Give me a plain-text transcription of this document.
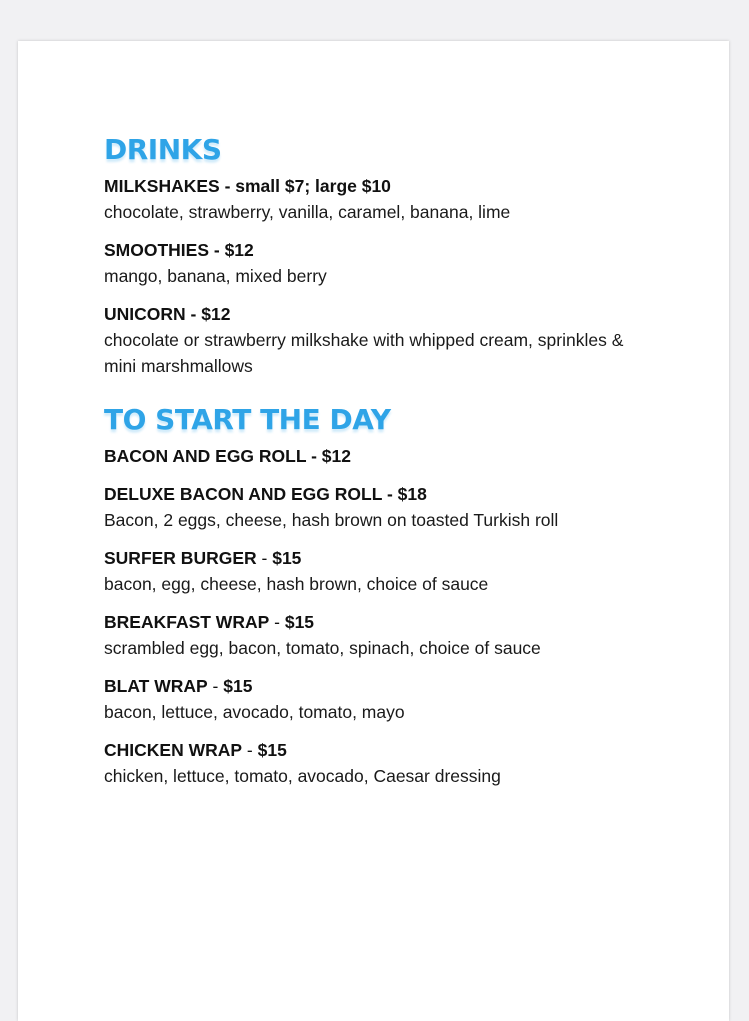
DRINKS
MILKSHAKES - small $7; large $10
chocolate, strawberry, vanilla, caramel, banana, lime
SMOOTHIES - $12
mango, banana, mixed berry
UNICORN - $12
chocolate or strawberry milkshake with whipped cream, sprinkles & mini marshmallows
TO START THE DAY
BACON AND EGG ROLL - $12
DELUXE BACON AND EGG ROLL - $18
Bacon, 2 eggs, cheese, hash brown on toasted Turkish roll
SURFER BURGER - $15
bacon, egg, cheese, hash brown, choice of sauce
BREAKFAST WRAP - $15
scrambled egg, bacon, tomato, spinach, choice of sauce
BLAT WRAP - $15
bacon, lettuce, avocado, tomato, mayo
CHICKEN WRAP - $15
chicken, lettuce, tomato, avocado, Caesar dressing
